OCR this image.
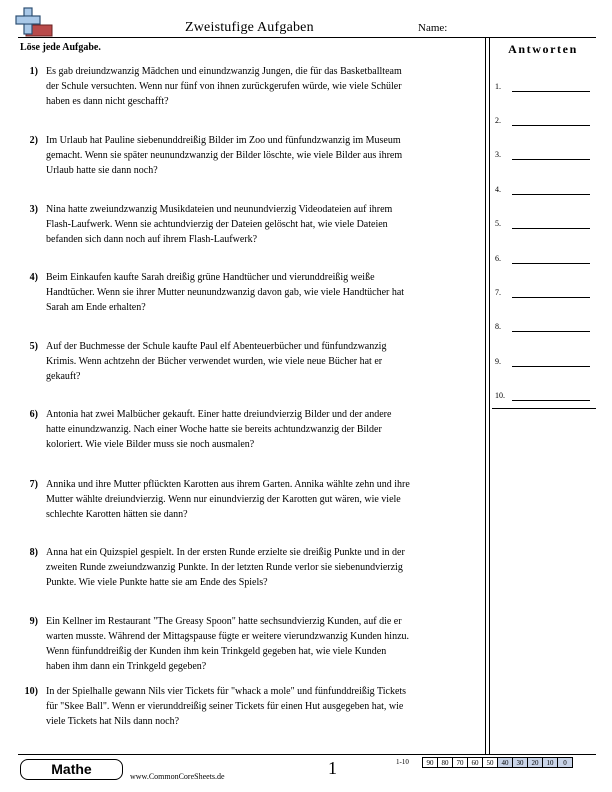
Zweistufige Aufgaben	Name:
Löse jede Aufgabe.
1) Es gab dreiundzwanzig Mädchen und einundzwanzig Jungen, die für das Basketballteam
der Schule versuchten. Wenn nur fünf von ihnen zurückgerufen würde, wie viele Schüler
haben es dann nicht geschafft?
2) Im Urlaub hat Pauline siebenunddreißig Bilder im Zoo und fünfundzwanzig im Museum
gemacht. Wenn sie später neunundzwanzig der Bilder löschte, wie viele Bilder aus ihrem
Urlaub hatte sie dann noch?
3) Nina hatte zweiundzwanzig Musikdateien und neunundvierzig Videodateien auf ihrem
Flash-Laufwerk. Wenn sie achtundvierzig der Dateien gelöscht hat, wie viele Dateien
befanden sich dann noch auf ihrem Flash-Laufwerk?
4) Beim Einkaufen kaufte Sarah dreißig grüne Handtücher und vierunddreißig weiße
Handtücher. Wenn sie ihrer Mutter neunundzwanzig davon gab, wie viele Handtücher hat
Sarah am Ende erhalten?
5) Auf der Buchmesse der Schule kaufte Paul elf Abenteuerbücher und fünfundzwanzig
Krimis. Wenn achtzehn der Bücher verwendet wurden, wie viele neue Bücher hat er
gekauft?
6) Antonia hat zwei Malbücher gekauft. Einer hatte dreiundvierzig Bilder und der andere
hatte einundzwanzig. Nach einer Woche hatte sie bereits achtundzwanzig der Bilder
koloriert. Wie viele Bilder muss sie noch ausmalen?
7) Annika und ihre Mutter pflückten Karotten aus ihrem Garten. Annika wählte zehn und ihre
Mutter wählte dreiundvierzig. Wenn nur einundvierzig der Karotten gut wären, wie viele
schlechte Karotten hätten sie dann?
8) Anna hat ein Quizspiel gespielt. In der ersten Runde erzielte sie dreißig Punkte und in der
zweiten Runde zweiundzwanzig Punkte. In der letzten Runde verlor sie siebenundvierzig
Punkte. Wie viele Punkte hatte sie am Ende des Spiels?
9) Ein Kellner im Restaurant "The Greasy Spoon" hatte sechsundvierzig Kunden, auf die er
warten musste. Während der Mittagspause fügte er weitere vierundzwanzig Kunden hinzu.
Wenn fünfunddreißig der Kunden ihm kein Trinkgeld gegeben hat, wie viele Kunden
haben ihm dann ein Trinkgeld gegeben?
10) In der Spielhalle gewann Nils vier Tickets für "whack a mole" und fünfunddreißig Tickets
für "Skee Ball". Wenn er vierunddreißig seiner Tickets für einen Hut ausgegeben hat, wie
viele Tickets hat Nils dann noch?
Antworten
1.
2.
3.
4.
5.
6.
7.
8.
9.
10.
Mathe	www.CommonCoreSheets.de	1	1-10	90	80	70	60	50	40	30	20	10	0
